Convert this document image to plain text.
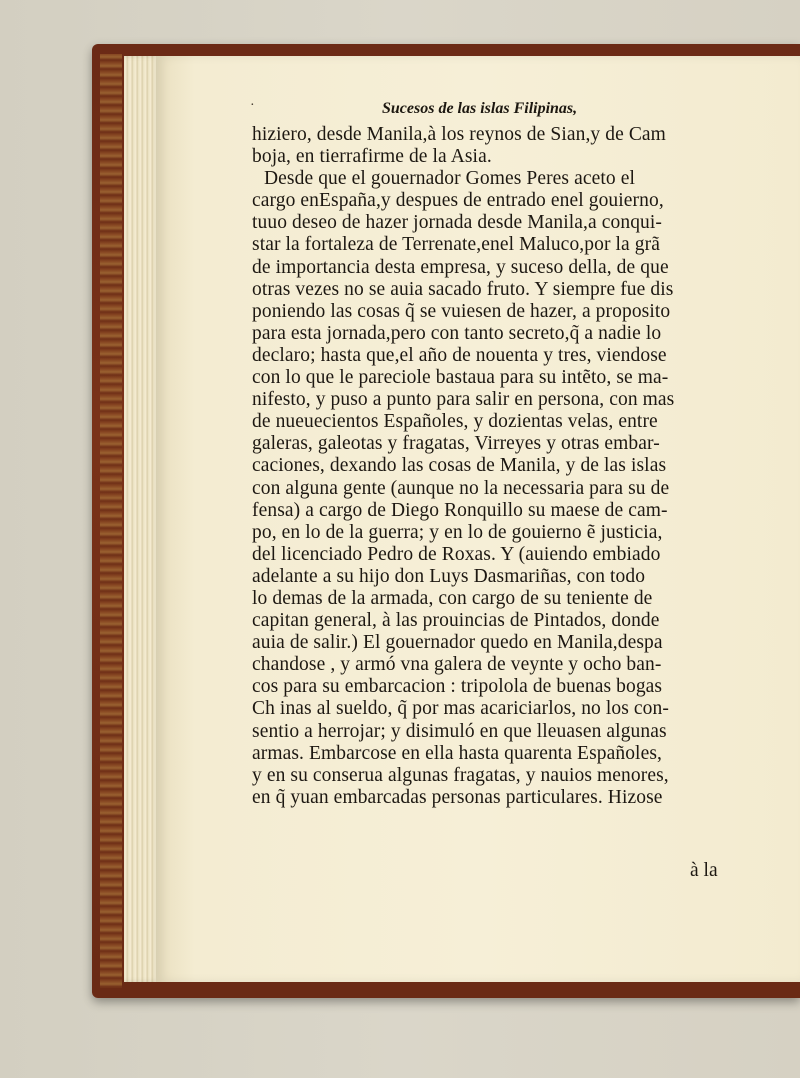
·	Sucesos de las islas Filipinas,
hiziero, desde Manila,à los reynos de Sian,y de Cam
boja, en tierrafirme de la Asia.
Desde que el gouernador Gomes Peres aceto el
cargo enEspaña,y despues de entrado enel gouierno,
tuuo deseo de hazer jornada desde Manila,a conqui-
star la fortaleza de Terrenate,enel Maluco,por la grã
de importancia desta empresa, y suceso della, de que
otras vezes no se auia sacado fruto. Y siempre fue dis
poniendo las cosas q̃ se vuiesen de hazer, a proposito
para esta jornada,pero con tanto secreto,q̃ a nadie lo
declaro; hasta que,el año de nouenta y tres, viendose
con lo que le pareciole bastaua para su intẽto, se ma-
nifesto, y puso a punto para salir en persona, con mas
de nueuecientos Españoles, y dozientas velas, entre
galeras, galeotas y fragatas, Virreyes y otras embar-
caciones, dexando las cosas de Manila, y de las islas
con alguna gente (aunque no la necessaria para su de
fensa) a cargo de Diego Ronquillo su maese de cam-
po, en lo de la guerra; y en lo de gouierno ẽ justicia,
del licenciado Pedro de Roxas. Y (auiendo embiado
adelante a su hijo don Luys Dasmariñas, con todo
lo demas de la armada, con cargo de su teniente de
capitan general, à las prouincias de Pintados, donde
auia de salir.) El gouernador quedo en Manila,despa
chandose , y armó vna galera de veynte y ocho ban-
cos para su embarcacion : tripolola de buenas bogas
Ch inas al sueldo, q̃ por mas acariciarlos, no los con-
sentio a herrojar; y disimuló en que lleuasen algunas
armas. Embarcose en ella hasta quarenta Españoles,
y en su conserua algunas fragatas, y nauios menores,
en q̃ yuan embarcadas personas particulares. Hizose
à la
